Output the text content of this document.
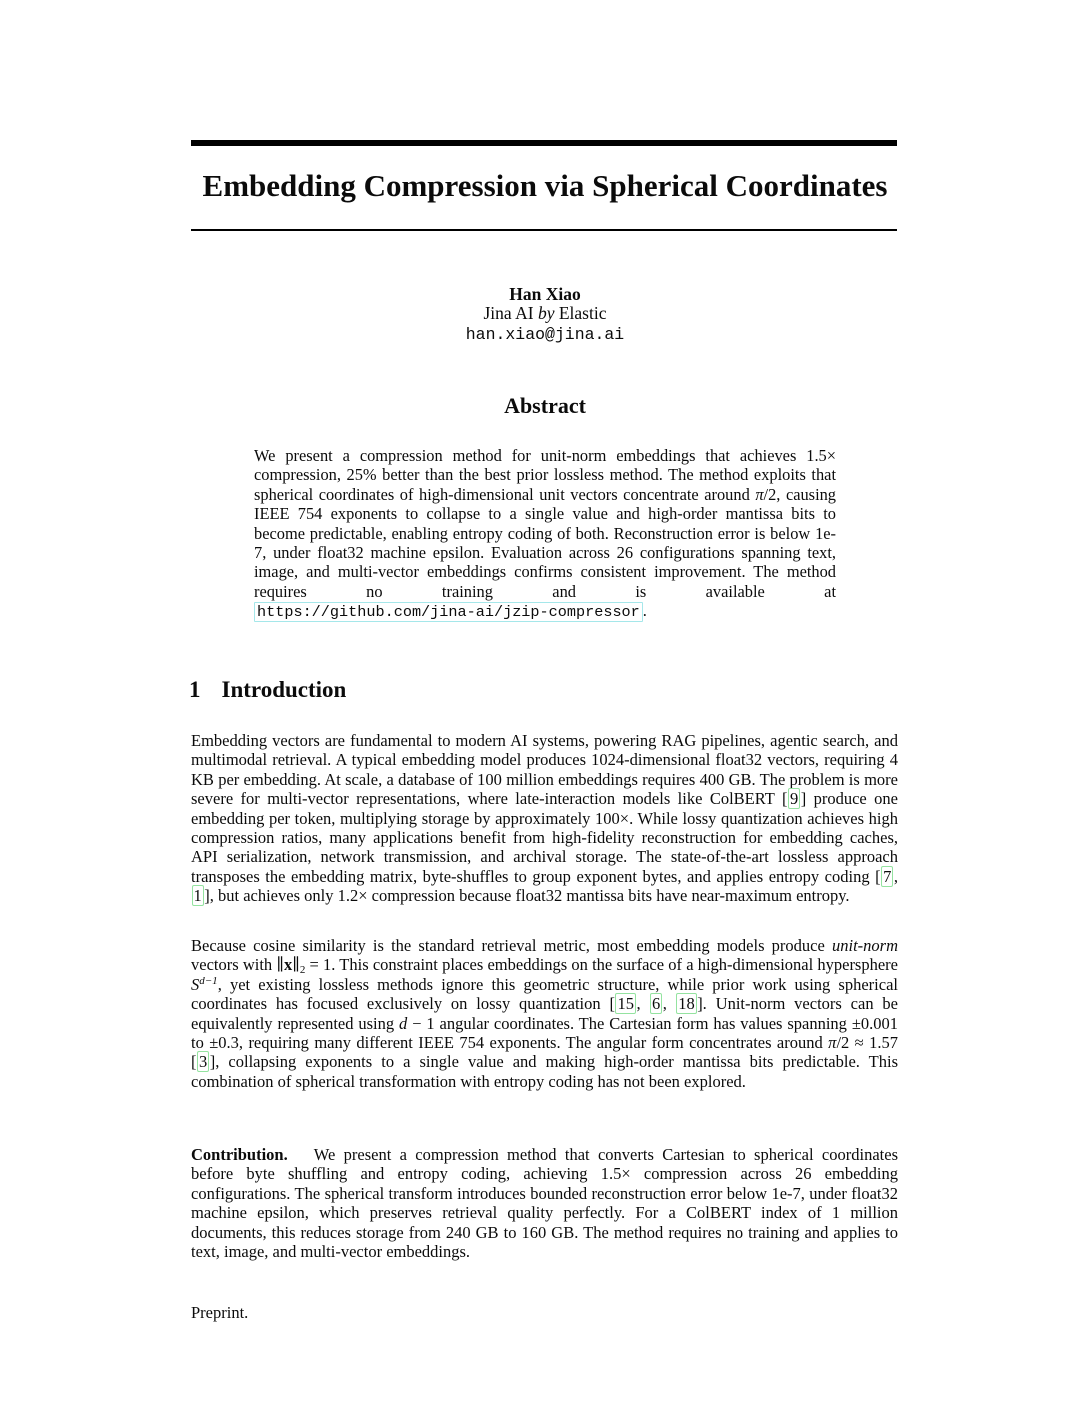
Embedding Compression via Spherical Coordinates
Han Xiao
Jina AI by Elastic
han.xiao@jina.ai
Abstract

We present a compression method for unit-norm embeddings that achieves 1.5× compression, 25% better than the best prior lossless method. The method exploits that spherical coordinates of high-dimensional unit vectors concentrate around π/2, causing IEEE 754 exponents to collapse to a single value and high-order mantissa bits to become predictable, enabling entropy coding of both. Reconstruction error is below 1e-7, under float32 machine epsilon. Evaluation across 26 configurations spanning text, image, and multi-vector embeddings confirms consistent improvement. The method requires no training and is available at https://github.com/jina-ai/jzip-compressor .

1 Introduction

Embedding vectors are fundamental to modern AI systems, powering RAG pipelines, agentic search, and multimodal retrieval. A typical embedding model produces 1024-dimensional float32 vectors, requiring 4 KB per embedding. At scale, a database of 100 million embeddings requires 400 GB. The problem is more severe for multi-vector representations, where late-interaction models like ColBERT [ 9 ] produce one embedding per token, multiplying storage by approximately 100×. While lossy quantization achieves high compression ratios, many applications benefit from high-fidelity reconstruction for embedding caches, API serialization, network transmission, and archival storage. The state-of-the-art lossless approach transposes the embedding matrix, byte-shuffles to group exponent bytes, and applies entropy coding [ 7 , 1 ], but achieves only 1.2× compression because float32 mantissa bits have near-maximum entropy.

Because cosine similarity is the standard retrieval metric, most embedding models produce unit-norm vectors with ∥x∥2 = 1. This constraint places embeddings on the surface of a high-dimensional hypersphere $S^{d-1}$, yet existing lossless methods ignore this geometric structure, while prior work using spherical coordinates has focused exclusively on lossy quantization [ 15 , 6 , 18 ]. Unit-norm vectors can be equivalently represented using d − 1 angular coordinates. The Cartesian form has values spanning ±0.001 to ±0.3, requiring many different IEEE 754 exponents. The angular form concentrates around π/2 ≈ 1.57 [ 3 ], collapsing exponents to a single value and making high-order mantissa bits predictable. This combination of spherical transformation with entropy coding has not been explored.

Contribution. We present a compression method that converts Cartesian to spherical coordinates before byte shuffling and entropy coding, achieving 1.5× compression across 26 embedding configurations. The spherical transform introduces bounded reconstruction error below 1e-7, under float32 machine epsilon, which preserves retrieval quality perfectly. For a ColBERT index of 1 million documents, this reduces storage from 240 GB to 160 GB. The method requires no training and applies to text, image, and multi-vector embeddings.

Preprint.
